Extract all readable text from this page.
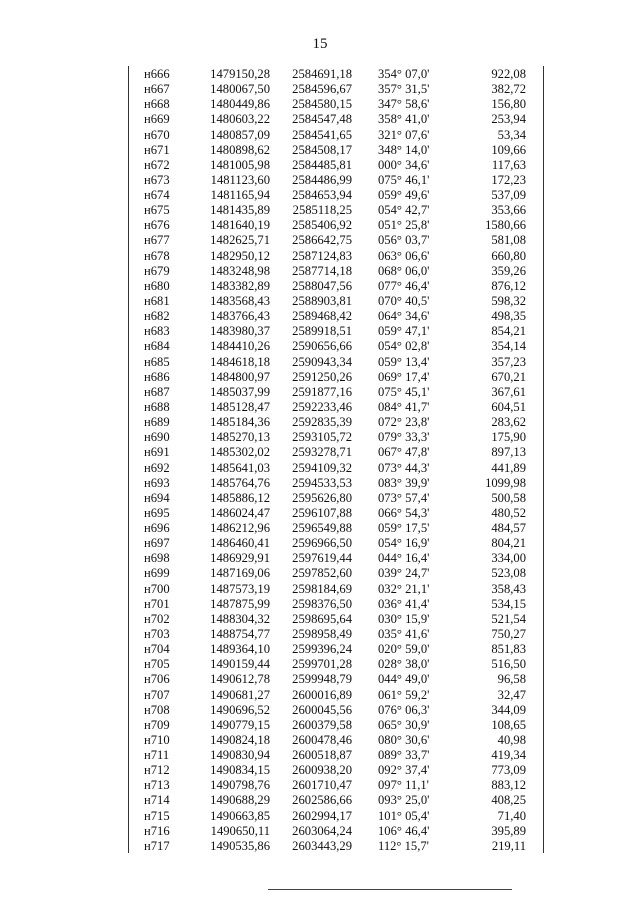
15
н666	1479150,28	2584691,18 354° 07,0'	922,08
н667	1480067,50	2584596,67 357° 31,5'	382,72
н668	1480449,86	2584580,15 347° 58,6'	156,80
н669	1480603,22	2584547,48 358° 41,0'	253,94
н670	1480857,09	2584541,65 321° 07,6'	53,34
н671	1480898,62	2584508,17 348° 14,0'	109,66
н672	1481005,98	2584485,81 000° 34,6'	117,63
н673	1481123,60	2584486,99 075° 46,1'	172,23
н674	1481165,94	2584653,94 059° 49,6'	537,09
н675	1481435,89	2585118,25 054° 42,7'	353,66
н676	1481640,19	2585406,92 051° 25,8'	1580,66
н677	1482625,71	2586642,75 056° 03,7'	581,08
н678	1482950,12	2587124,83 063° 06,6'	660,80
н679	1483248,98	2587714,18 068° 06,0'	359,26
н680	1483382,89	2588047,56 077° 46,4'	876,12
н681	1483568,43	2588903,81 070° 40,5'	598,32
н682	1483766,43	2589468,42 064° 34,6'	498,35
н683	1483980,37	2589918,51 059° 47,1'	854,21
н684	1484410,26	2590656,66 054° 02,8'	354,14
н685	1484618,18	2590943,34 059° 13,4'	357,23
н686	1484800,97	2591250,26 069° 17,4'	670,21
н687	1485037,99	2591877,16 075° 45,1'	367,61
н688	1485128,47	2592233,46 084° 41,7'	604,51
н689	1485184,36	2592835,39 072° 23,8'	283,62
н690	1485270,13	2593105,72 079° 33,3'	175,90
н691	1485302,02	2593278,71 067° 47,8'	897,13
н692	1485641,03	2594109,32 073° 44,3'	441,89
н693	1485764,76	2594533,53 083° 39,9'	1099,98
н694	1485886,12	2595626,80 073° 57,4'	500,58
н695	1486024,47	2596107,88 066° 54,3'	480,52
н696	1486212,96	2596549,88 059° 17,5'	484,57
н697	1486460,41	2596966,50 054° 16,9'	804,21
н698	1486929,91	2597619,44 044° 16,4'	334,00
н699	1487169,06	2597852,60 039° 24,7'	523,08
н700	1487573,19	2598184,69 032° 21,1'	358,43
н701	1487875,99	2598376,50 036° 41,4'	534,15
н702	1488304,32	2598695,64 030° 15,9'	521,54
н703	1488754,77	2598958,49 035° 41,6'	750,27
н704	1489364,10	2599396,24 020° 59,0'	851,83
н705	1490159,44	2599701,28 028° 38,0'	516,50
н706	1490612,78	2599948,79 044° 49,0'	96,58
н707	1490681,27	2600016,89 061° 59,2'	32,47
н708	1490696,52	2600045,56 076° 06,3'	344,09
н709	1490779,15	2600379,58 065° 30,9'	108,65
н710	1490824,18	2600478,46 080° 30,6'	40,98
н711	1490830,94	2600518,87 089° 33,7'	419,34
н712	1490834,15	2600938,20 092° 37,4'	773,09
н713	1490798,76	2601710,47 097° 11,1'	883,12
н714	1490688,29	2602586,66 093° 25,0'	408,25
н715	1490663,85	2602994,17 101° 05,4'	71,40
н716	1490650,11	2603064,24 106° 46,4'	395,89
н717	1490535,86	2603443,29 112° 15,7'	219,11
